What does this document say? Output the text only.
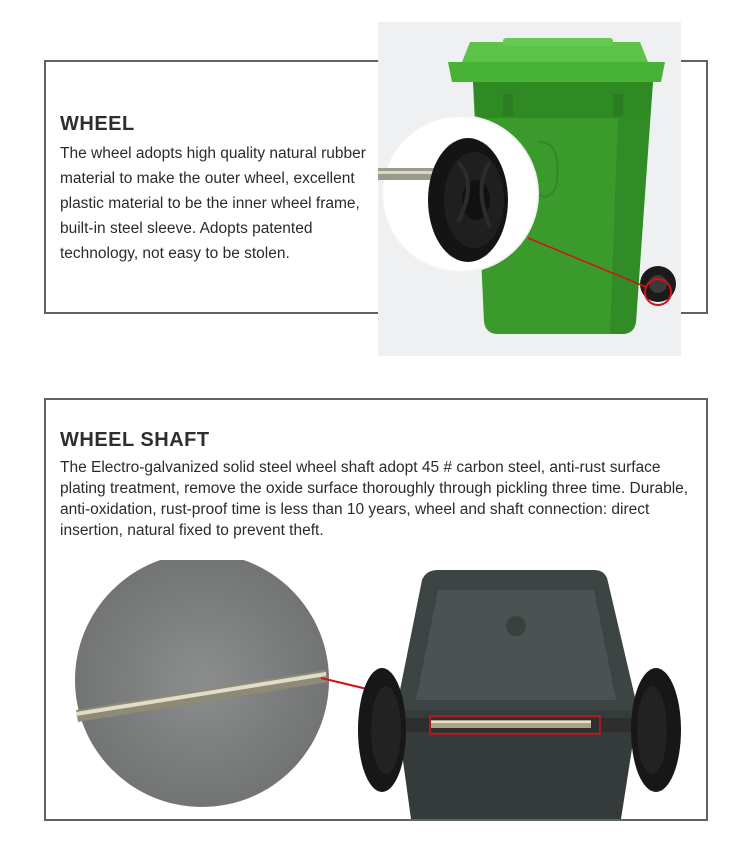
WHEEL
The wheel adopts high quality natural rubber material to make the outer wheel, excellent plastic material to be the inner wheel frame, built-in steel sleeve. Adopts patented technology, not easy to be stolen.
WHEEL SHAFT
The Electro-galvanized solid steel wheel shaft adopt 45 # carbon steel, anti-rust surface plating treatment, remove the oxide surface thoroughly through pickling three time. Durable, anti-oxidation, rust-proof time is less than 10 years, wheel and shaft connection: direct insertion, natural fixed to prevent theft.
